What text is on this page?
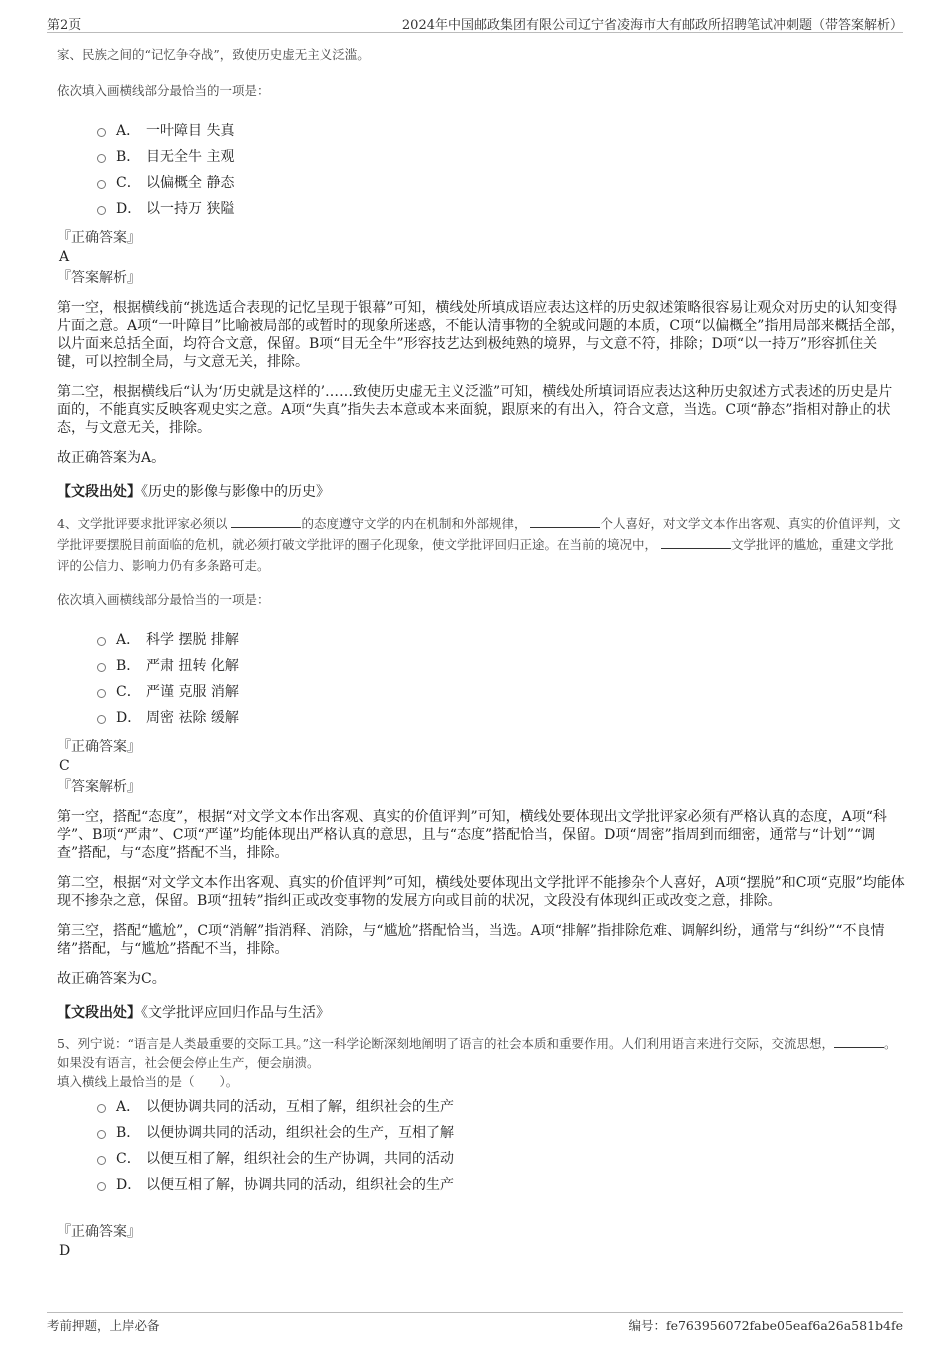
第2页	2024年中国邮政集团有限公司辽宁省凌海市大有邮政所招聘笔试冲刺题（带答案解析）
家、民族之间的“记忆争夺战”，致使历史虚无主义泛滥。
依次填入画横线部分最恰当的一项是：
A． 一叶障目 失真
B． 目无全牛 主观
C． 以偏概全 静态
D． 以一持万 狭隘
『正确答案』
A
『答案解析』
第一空，根据横线前“挑选适合表现的记忆呈现于银幕”可知，横线处所填成语应表达这样的历史叙述策略很容易让观众对历史的认知变得片面之意。A项“一叶障目”比喻被局部的或暂时的现象所迷惑，不能认清事物的全貌或问题的本质，C项“以偏概全”指用局部来概括全部，以片面来总括全面，均符合文意，保留。B项“目无全牛”形容技艺达到极纯熟的境界，与文意不符，排除；D项“以一持万”形容抓住关键，可以控制全局，与文意无关，排除。
第二空，根据横线后“认为‘历史就是这样的’……致使历史虚无主义泛滥”可知，横线处所填词语应表达这种历史叙述方式表述的历史是片面的，不能真实反映客观史实之意。A项“失真”指失去本意或本来面貌，跟原来的有出入，符合文意，当选。C项“静态”指相对静止的状态，与文意无关，排除。
故正确答案为A。
【文段出处】《历史的影像与影像中的历史》
4、文学批评要求批评家必须以	的态度遵守文学的内在机制和外部规律，	个人喜好，对文学文本作出客观、真实的价值评判，文学批评要摆脱目前面临的危机，就必须打破文学批评的圈子化现象，使文学批评回归正途。在当前的境况中，	文学批评的尴尬，重建文学批评的公信力、影响力仍有多条路可走。
依次填入画横线部分最恰当的一项是：
A． 科学 摆脱 排解
B． 严肃 扭转 化解
C． 严谨 克服 消解
D． 周密 祛除 缓解
『正确答案』
C
『答案解析』
第一空，搭配“态度”，根据“对文学文本作出客观、真实的价值评判”可知，横线处要体现出文学批评家必须有严格认真的态度，A项“科学”、B项“严肃”、C项“严谨”均能体现出严格认真的意思，且与“态度”搭配恰当，保留。D项“周密”指周到而细密，通常与“计划”“调查”搭配，与“态度”搭配不当，排除。
第二空，根据“对文学文本作出客观、真实的价值评判”可知，横线处要体现出文学批评不能掺杂个人喜好，A项“摆脱”和C项“克服”均能体现不掺杂之意，保留。B项“扭转”指纠正或改变事物的发展方向或目前的状况，文段没有体现纠正或改变之意，排除。
第三空，搭配“尴尬”，C项“消解”指消释、消除，与“尴尬”搭配恰当，当选。A项“排解”指排除危难、调解纠纷，通常与“纠纷”“不良情绪”搭配，与“尴尬”搭配不当，排除。
故正确答案为C。
【文段出处】《文学批评应回归作品与生活》
5、列宁说：“语言是人类最重要的交际工具。”这一科学论断深刻地阐明了语言的社会本质和重要作用。人们利用语言来进行交际，交流思想，	。如果没有语言，社会便会停止生产，便会崩溃。
填入横线上最恰当的是（　　）。
A． 以便协调共同的活动，互相了解，组织社会的生产
B． 以便协调共同的活动，组织社会的生产，互相了解
C． 以便互相了解，组织社会的生产协调，共同的活动
D． 以便互相了解，协调共同的活动，组织社会的生产
『正确答案』
D
考前押题，上岸必备	编号：fe763956072fabe05eaf6a26a581b4fe
